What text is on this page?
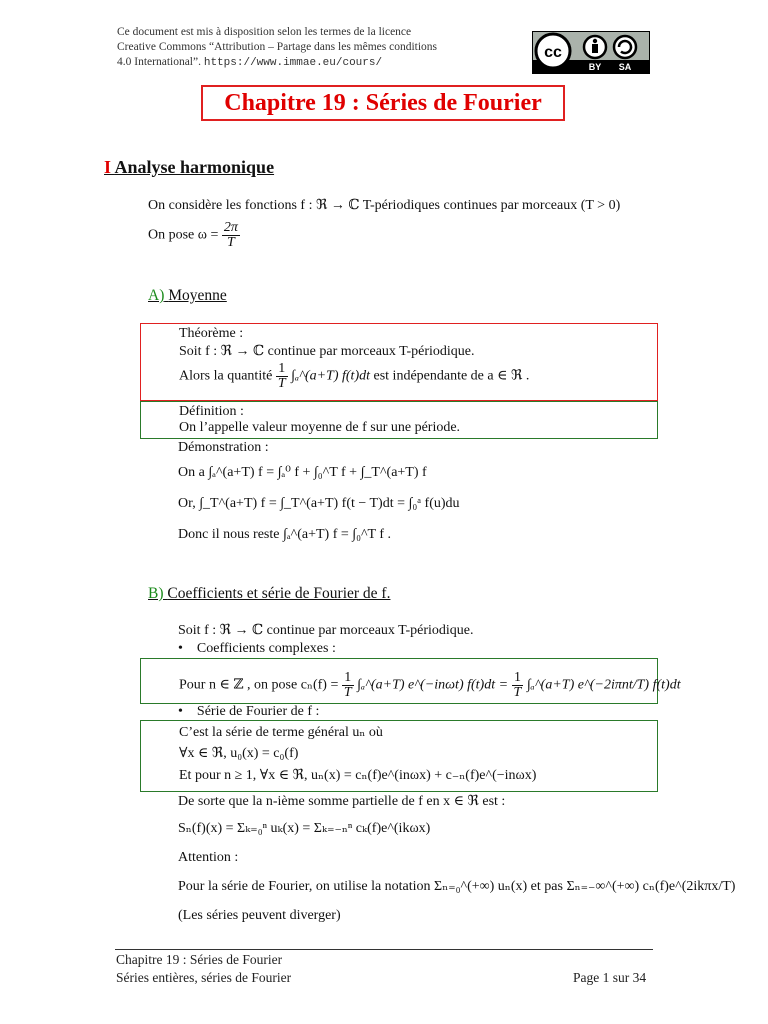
Ce document est mis à disposition selon les termes de la licence
Creative Commons “Attribution – Partage dans les mêmes conditions
4.0 International”. https://www.immae.eu/cours/
cc
BY SA
Chapitre 19 : Séries de Fourier
I Analyse harmonique
On considère les fonctions f : ℜ → ℂ T-périodiques continues par morceaux (T > 0)
On pose $\omega = \frac{2\pi}{T}$
A) Moyenne
Théorème :
Soit f : ℜ → ℂ continue par morceaux T-périodique.
Alors la quantité $\frac{1}{T}$ ∫ₐ^(a+T) f(t)dt est indépendante de a ∈ ℜ .
Définition :
On l’appelle valeur moyenne de f sur une période.
Démonstration :
On a ∫ₐ^(a+T) f = ∫ₐ⁰ f + ∫₀^T f + ∫_T^(a+T) f
Or, ∫_T^(a+T) f = ∫_T^(a+T) f(t − T)dt = ∫₀ᵃ f(u)du
Donc il nous reste ∫ₐ^(a+T) f = ∫₀^T f .
B) Coefficients et série de Fourier de f.
Soit f : ℜ → ℂ continue par morceaux T-périodique.
•    Coefficients complexes :
Pour n ∈ ℤ , on pose $c_n(f) = \frac{1}{T}$ ∫ₐ^(a+T) e^(−inωt) $f(t)dt = \frac{1}{T}$ ∫ₐ^(a+T) e^(−2iπnt/T) f(t)dt
•    Série de Fourier de f :
C’est la série de terme général uₙ où
∀x ∈ ℜ, u₀(x) = c₀(f)
Et pour n ≥ 1, ∀x ∈ ℜ, uₙ(x) = cₙ(f)e^(inωx) + c₋ₙ(f)e^(−inωx)
De sorte que la n-ième somme partielle de f en x ∈ ℜ est :
Sₙ(f)(x) = Σₖ₌₀ⁿ uₖ(x) = Σₖ₌₋ₙⁿ cₖ(f)e^(ikωx)
Attention :
Pour la série de Fourier, on utilise la notation Σₙ₌₀^(+∞) uₙ(x) et pas Σₙ₌₋∞^(+∞) cₙ(f)e^(2ikπx/T)
(Les séries peuvent diverger)
Chapitre 19 : Séries de Fourier
Séries entières, séries de Fourier	Page 1 sur 34
